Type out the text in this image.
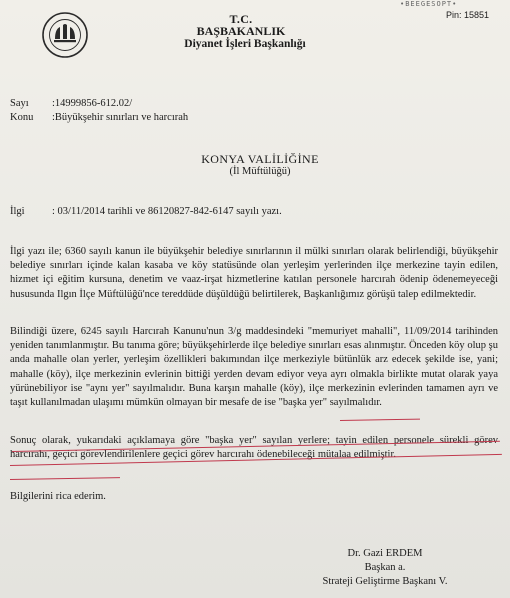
•BEEGESOPT•
Pin: 15851
T.C.
BAŞBAKANLIK
Diyanet İşleri Başkanlığı
Sayı :14999856-612.02/
Konu :Büyükşehir sınırları ve harcırah
KONYA VALİLİĞİNE
(İl Müftülüğü)
İlgi	: 03/11/2014 tarihli ve 86120827-842-6147 sayılı yazı.

İlgi yazı ile; 6360 sayılı kanun ile büyükşehir belediye sınırlarının il mülki sınırları olarak belirlendiği, büyükşehir belediye sınırları içinde kalan kasaba ve köy statüsünde olan yerleşim yerlerinden ilçe merkezine tayin edilen, hizmet içi eğitim kursuna, denetim ve vaaz-irşat hizmetlerine katılan personele harcırah ödenip ödenemeyeceği hususunda Ilgın İlçe Müftülüğü'nce tereddüde düşüldüğü belirtilerek, Başkanlığımız görüşü talep edilmektedir.

Bilindiği üzere, 6245 sayılı Harcırah Kanunu'nun 3/g maddesindeki "memuriyet mahalli", 11/09/2014 tarihinden yeniden tanımlanmıştır. Bu tanıma göre; büyükşehirlerde ilçe belediye sınırları esas alınmıştır. Önceden köy olup şu anda mahalle olan yerler, yerleşim özellikleri bakımından ilçe merkeziyle bütünlük arz edecek şekilde ise, yani; mahalle (köy), ilçe merkezinin evlerinin bittiği yerden devam ediyor veya ayrı olmakla birlikte mutat olarak yaya yürünebiliyor ise "aynı yer" sayılmalıdır. Buna karşın mahalle (köy), ilçe merkezinin evlerinden tamamen ayrı ve taşıt kullanılmadan ulaşımı mümkün olmayan bir mesafe de ise "başka yer" sayılmalıdır.

Sonuç olarak, yukarıdaki açıklamaya göre "başka yer" sayılan yerlere; tayin edilen personele sürekli görev harcırahı, geçici görevlendirilenlere geçici görev harcırahı ödenebileceği mütalaa edilmiştir.

Bilgilerini rica ederim.

Dr. Gazi ERDEM
Başkan a.
Strateji Geliştirme Başkanı V.
